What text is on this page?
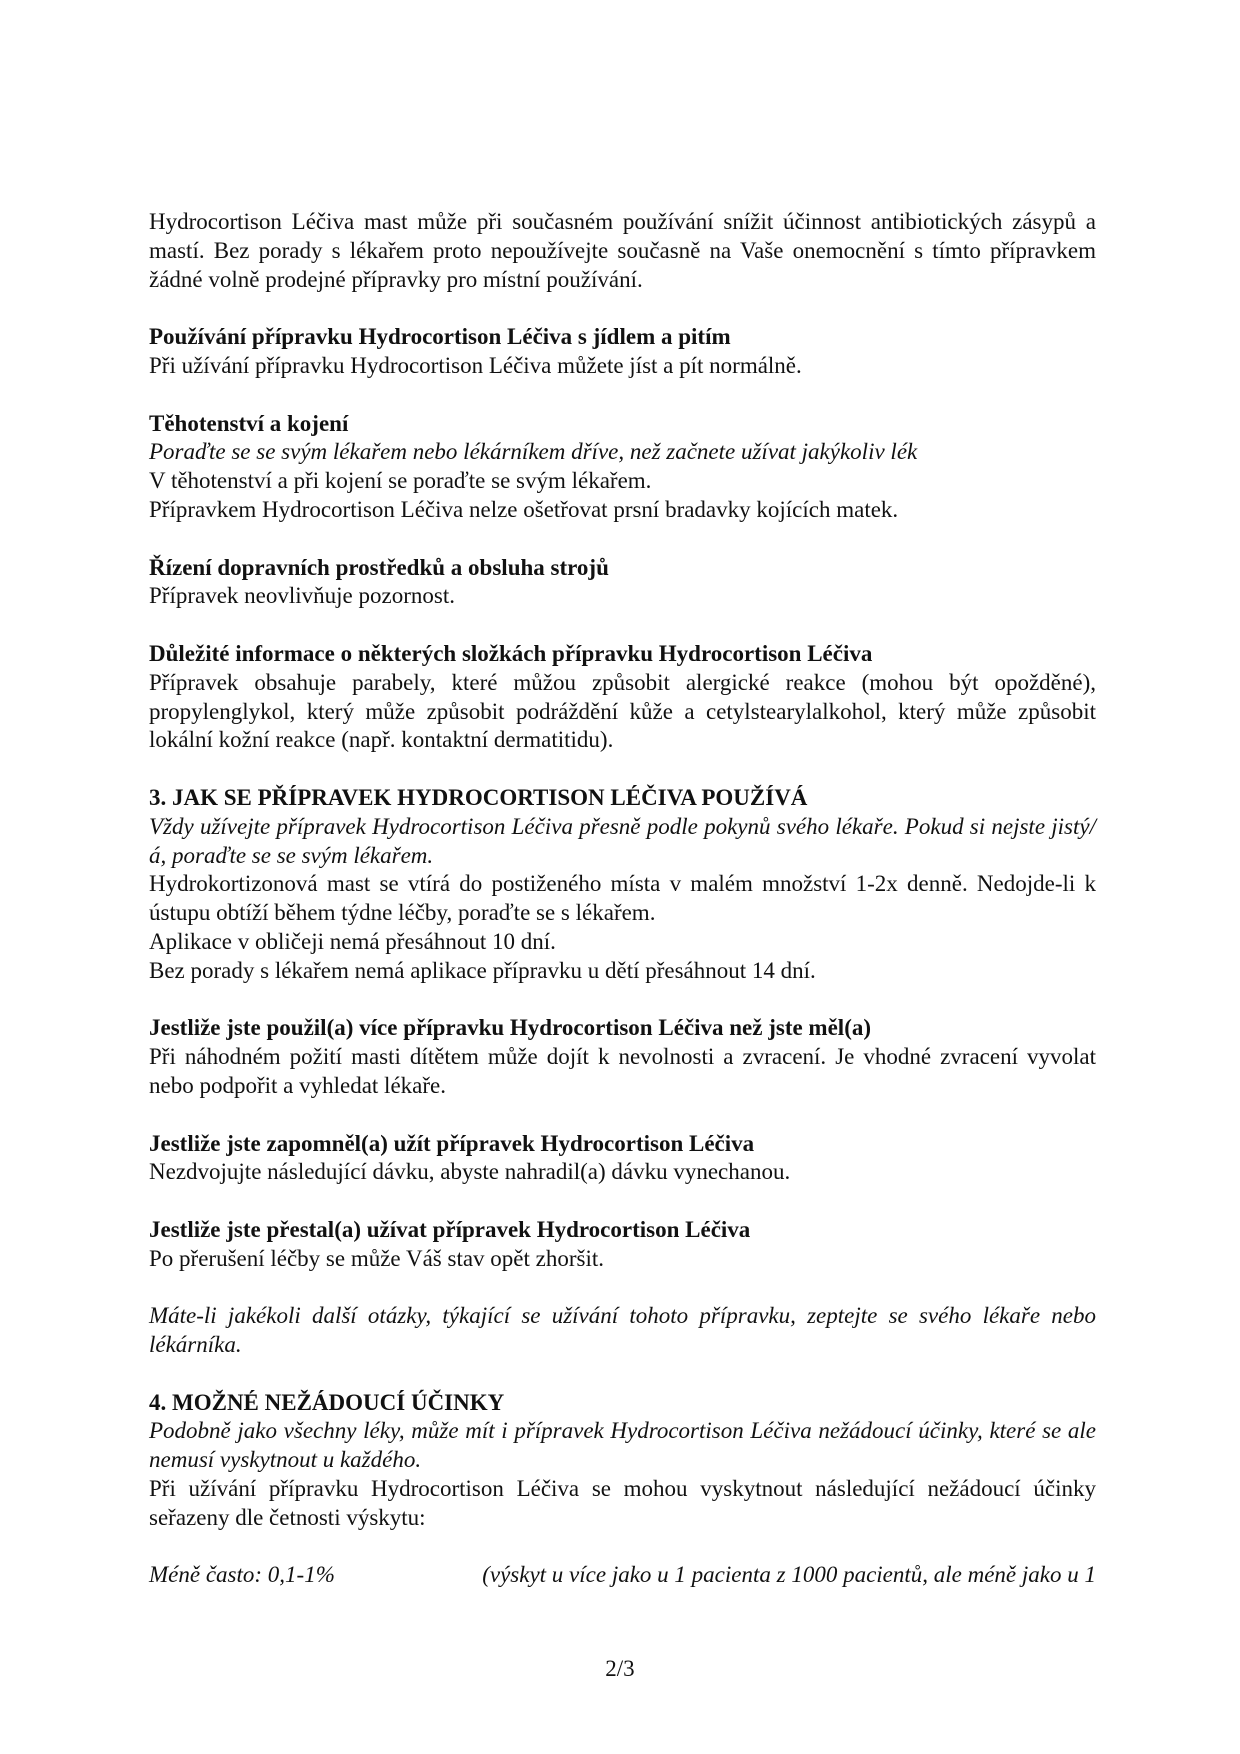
Hydrocortison Léčiva mast může při současném používání snížit účinnost antibiotických zásypů a mastí. Bez porady s lékařem proto nepoužívejte současně na Vaše onemocnění s tímto přípravkem žádné volně prodejné přípravky pro místní používání.

Používání přípravku Hydrocortison Léčiva s jídlem a pitím

Při užívání přípravku Hydrocortison Léčiva můžete jíst a pít normálně.

Těhotenství a kojení

Poraďte se se svým lékařem nebo lékárníkem dříve, než začnete užívat jakýkoliv lék

V těhotenství a při kojení se poraďte se svým lékařem.

Přípravkem Hydrocortison Léčiva nelze ošetřovat prsní bradavky kojících matek.

Řízení dopravních prostředků a obsluha strojů

Přípravek neovlivňuje pozornost.

Důležité informace o některých složkách přípravku Hydrocortison Léčiva

Přípravek obsahuje parabely, které můžou způsobit alergické reakce (mohou být opožděné), propylenglykol, který může způsobit podráždění kůže a cetylstearylalkohol, který může způsobit lokální kožní reakce (např. kontaktní dermatitidu).

3. JAK SE PŘÍPRAVEK HYDROCORTISON LÉČIVA POUŽÍVÁ

Vždy užívejte přípravek Hydrocortison Léčiva přesně podle pokynů svého lékaře. Pokud si nejste jistý/á, poraďte se se svým lékařem.

Hydrokortizonová mast se vtírá do postiženého místa v malém množství 1-2x denně. Nedojde-li k ústupu obtíží během týdne léčby, poraďte se s lékařem.

Aplikace v obličeji nemá přesáhnout 10 dní.

Bez porady s lékařem nemá aplikace přípravku u dětí přesáhnout 14 dní.

Jestliže jste použil(a) více přípravku Hydrocortison Léčiva než jste měl(a)

Při náhodném požití masti dítětem může dojít k nevolnosti a zvracení. Je vhodné zvracení vyvolat nebo podpořit a vyhledat lékaře.

Jestliže jste zapomněl(a) užít přípravek Hydrocortison Léčiva

Nezdvojujte následující dávku, abyste nahradil(a) dávku vynechanou.

Jestliže jste přestal(a) užívat přípravek Hydrocortison Léčiva

Po přerušení léčby se může Váš stav opět zhoršit.

Máte-li jakékoli další otázky, týkající se užívání tohoto přípravku, zeptejte se svého lékaře nebo lékárníka.

4. MOŽNÉ NEŽÁDOUCÍ ÚČINKY

Podobně jako všechny léky, může mít i přípravek Hydrocortison Léčiva nežádoucí účinky, které se ale nemusí vyskytnout u každého.

Při užívání přípravku Hydrocortison Léčiva se mohou vyskytnout následující nežádoucí účinky seřazeny dle četnosti výskytu:

Méně často: 0,1-1%	(výskyt u více jako u 1 pacienta z 1000 pacientů, ale méně jako u 1

2/3
